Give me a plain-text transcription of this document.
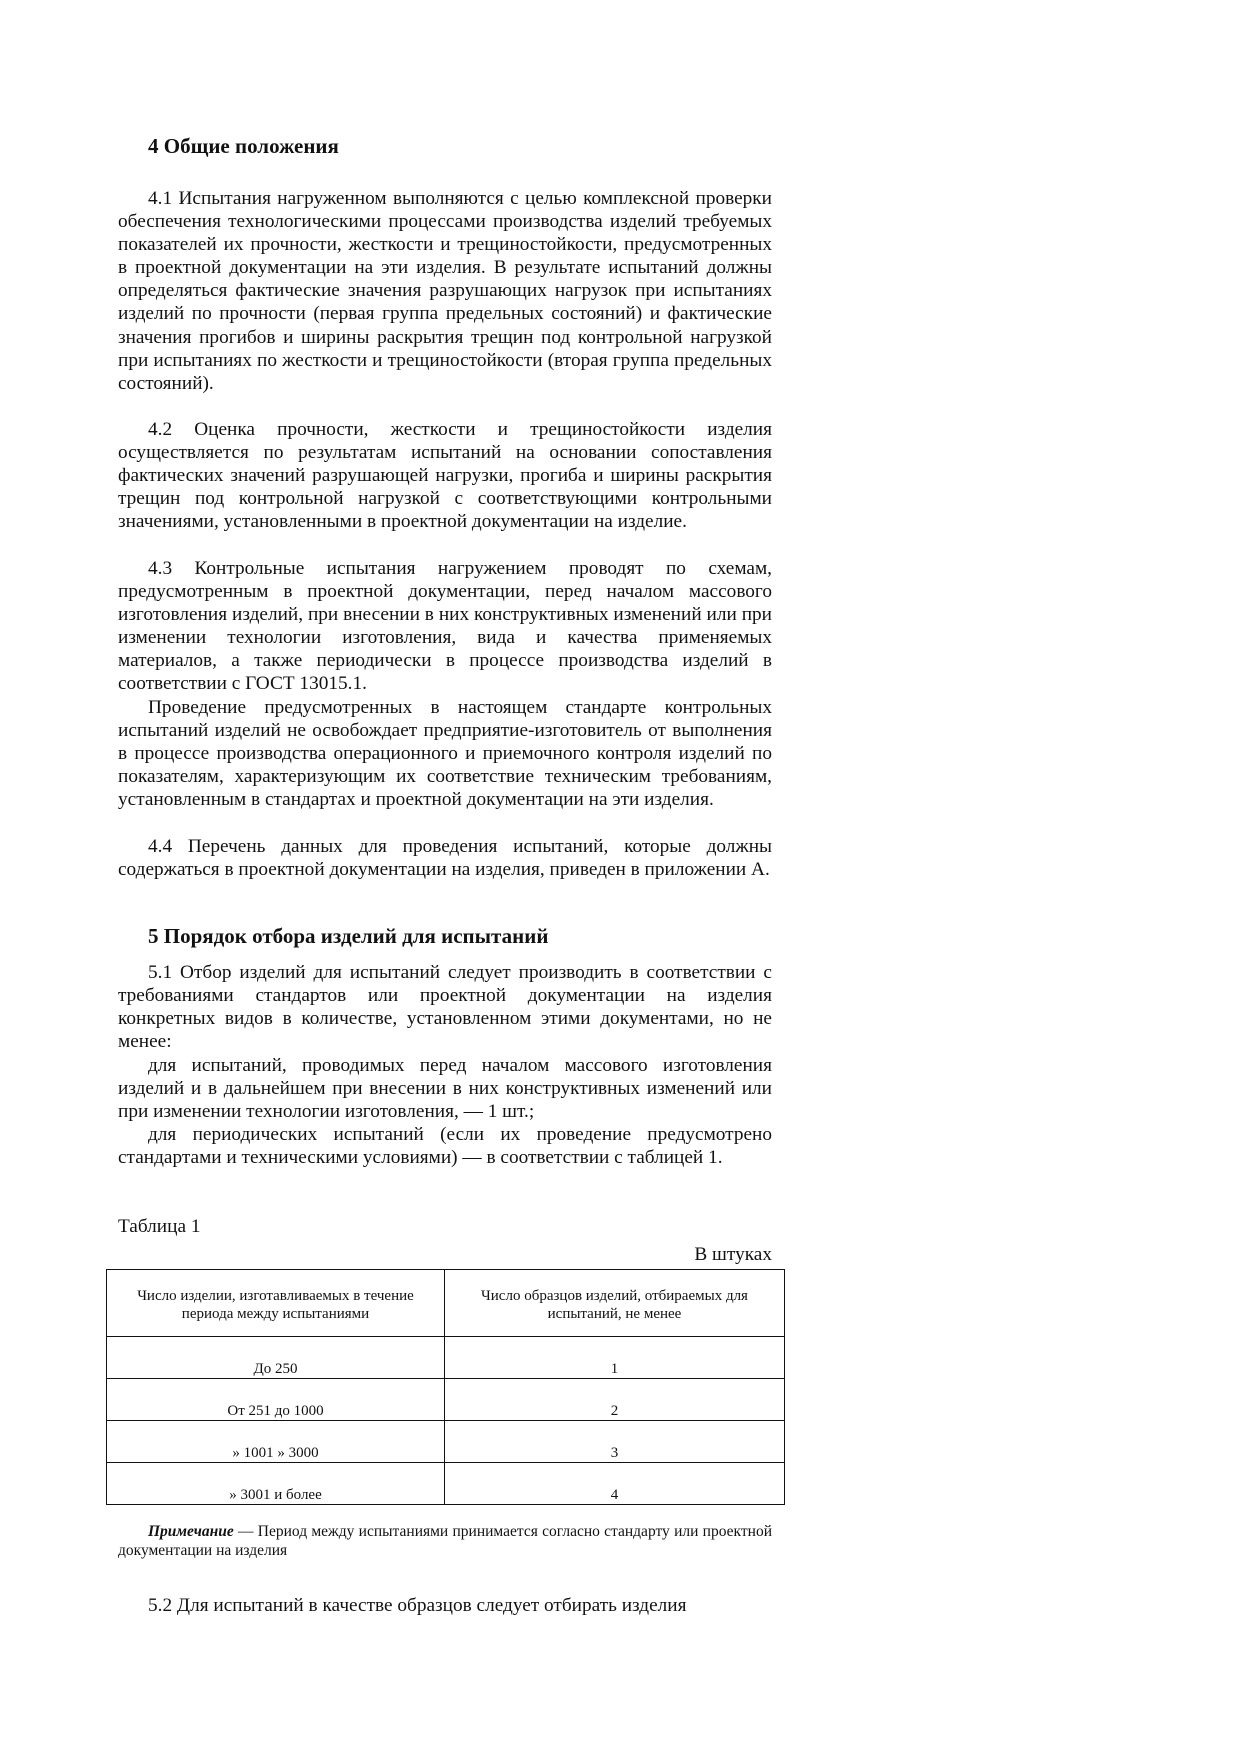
4 Общие положения

4.1 Испытания нагруженном выполняются с целью комплексной проверки обеспечения технологическими процессами производства изделий требуемых показателей их прочности, жесткости и трещиностойкости, предусмотренных в проектной документации на эти изделия. В результате испытаний должны определяться фактические значения разрушающих нагрузок при испытаниях изделий по прочности (первая группа предельных состояний) и фактические значения прогибов и ширины раскрытия трещин под контрольной нагрузкой при испытаниях по жесткости и трещиностойкости (вторая группа предельных состояний).

4.2 Оценка прочности, жесткости и трещиностойкости изделия осуществляется по результатам испытаний на основании сопоставления фактических значений разрушающей нагрузки, прогиба и ширины раскрытия трещин под контрольной нагрузкой с соответствующими контрольными значениями, установленными в проектной документации на изделие.

4.3 Контрольные испытания нагружением проводят по схемам, предусмотренным в проектной документации, перед началом массового изготовления изделий, при внесении в них конструктивных изменений или при изменении технологии изготовления, вида и качества применяемых материалов, а также периодически в процессе производства изделий в соответствии с ГОСТ 13015.1.

Проведение предусмотренных в настоящем стандарте контрольных испытаний изделий не освобождает предприятие-изготовитель от выполнения в процессе производства операционного и приемочного контроля изделий по показателям, характеризующим их соответствие техническим требованиям, установленным в стандартах и проектной документации на эти изделия.

4.4 Перечень данных для проведения испытаний, которые должны содержаться в проектной документации на изделия, приведен в приложении А.

5 Порядок отбора изделий для испытаний

5.1 Отбор изделий для испытаний следует производить в соответствии с требованиями стандартов или проектной документации на изделия конкретных видов в количестве, установленном этими документами, но не менее:

для испытаний, проводимых перед началом массового изготовления изделий и в дальнейшем при внесении в них конструктивных изменений или при изменении технологии изготовления, — 1 шт.;

для периодических испытаний (если их проведение предусмотрено стандартами и техническими условиями) — в соответствии с таблицей 1.

Таблица 1
В штуках
Число изделии, изготавливаемых в течение периода между испытаниями	Число образцов изделий, отбираемых для испытаний, не менее
До 250	1
От 251 до 1000	2
» 1001 » 3000	3
» 3001 и более	4
Примечание — Период между испытаниями принимается согласно стандарту или проектной документации на изделия

5.2 Для испытаний в качестве образцов следует отбирать изделия
